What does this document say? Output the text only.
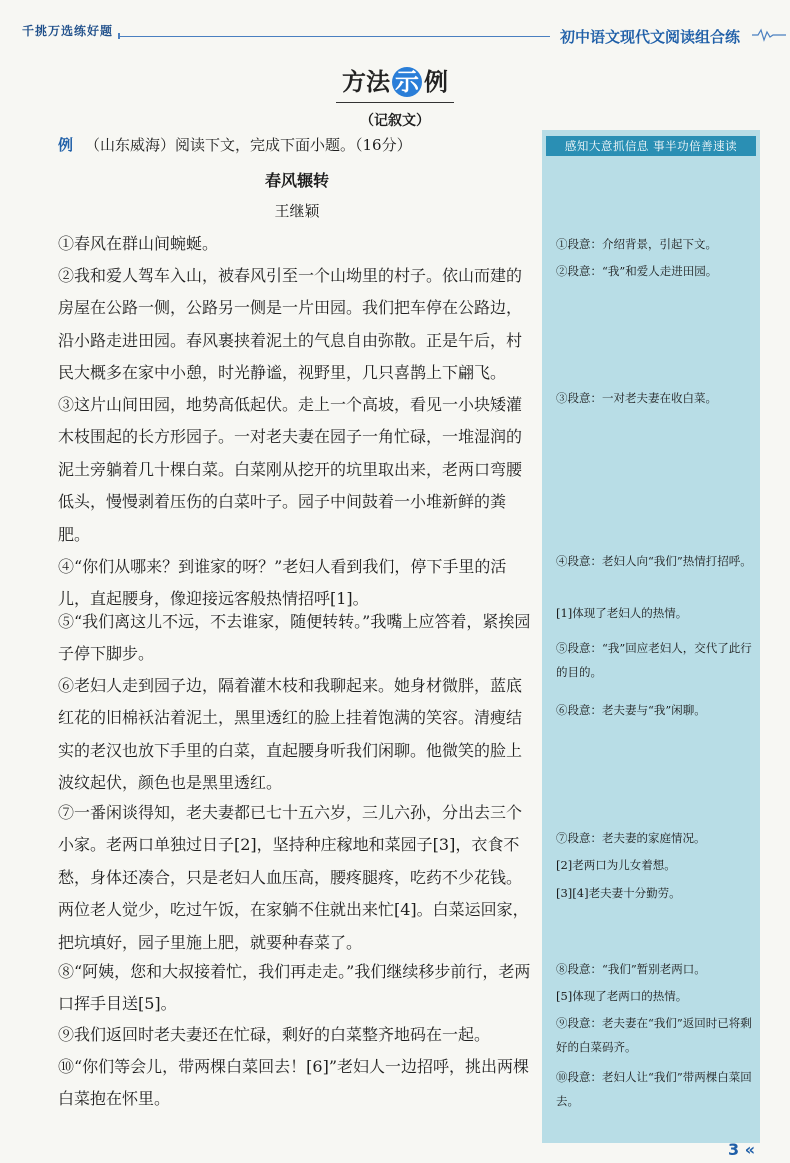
千挑万选练好题	初中语文现代文阅读组合练
方法 示 例
（记叙文）
感知大意抓信息 事半功倍善速读
例 （山东威海）阅读下文，完成下面小题。（16分）
春风辗转
王继颖
①春风在群山间蜿蜒。
②我和爱人驾车入山，被春风引至一个山坳里的村子。依山而建的房屋在公路一侧，公路另一侧是一片田园。我们把车停在公路边，沿小路走进田园。春风裹挟着泥土的气息自由弥散。正是午后，村民大概多在家中小憩，时光静谧，视野里，几只喜鹊上下翩飞。
③这片山间田园，地势高低起伏。走上一个高坡，看见一小块矮灌木枝围起的长方形园子。一对老夫妻在园子一角忙碌，一堆湿润的泥土旁躺着几十棵白菜。白菜刚从挖开的坑里取出来，老两口弯腰低头，慢慢剥着压伤的白菜叶子。园子中间鼓着一小堆新鲜的粪肥。
④“你们从哪来？到谁家的呀？”老妇人看到我们，停下手里的活儿，直起腰身，像迎接远客般热情招呼[1]。
⑤“我们离这儿不远，不去谁家，随便转转。”我嘴上应答着，紧挨园子停下脚步。
⑥老妇人走到园子边，隔着灌木枝和我聊起来。她身材微胖，蓝底红花的旧棉袄沾着泥土，黑里透红的脸上挂着饱满的笑容。清瘦结实的老汉也放下手里的白菜，直起腰身听我们闲聊。他微笑的脸上波纹起伏，颜色也是黑里透红。
⑦一番闲谈得知，老夫妻都已七十五六岁，三儿六孙，分出去三个小家。老两口单独过日子[2]，坚持种庄稼地和菜园子[3]，衣食不愁，身体还凑合，只是老妇人血压高，腰疼腿疼，吃药不少花钱。两位老人觉少，吃过午饭，在家躺不住就出来忙[4]。白菜运回家，把坑填好，园子里施上肥，就要种春菜了。
⑧“阿姨，您和大叔接着忙，我们再走走。”我们继续移步前行，老两口挥手目送[5]。
⑨我们返回时老夫妻还在忙碌，剩好的白菜整齐地码在一起。
⑩“你们等会儿，带两棵白菜回去！[6]”老妇人一边招呼，挑出两棵白菜抱在怀里。
①段意：介绍背景，引起下文。
②段意：“我”和爱人走进田园。
③段意：一对老夫妻在收白菜。
④段意：老妇人向“我们”热情打招呼。
[1]体现了老妇人的热情。
⑤段意：“我”回应老妇人，交代了此行的目的。
⑥段意：老夫妻与“我”闲聊。
⑦段意：老夫妻的家庭情况。
[2]老两口为儿女着想。
[3][4]老夫妻十分勤劳。
⑧段意：“我们”暂别老两口。
[5]体现了老两口的热情。
⑨段意：老夫妻在“我们”返回时已将剩好的白菜码齐。
⑩段意：老妇人让“我们”带两棵白菜回去。
3 «
